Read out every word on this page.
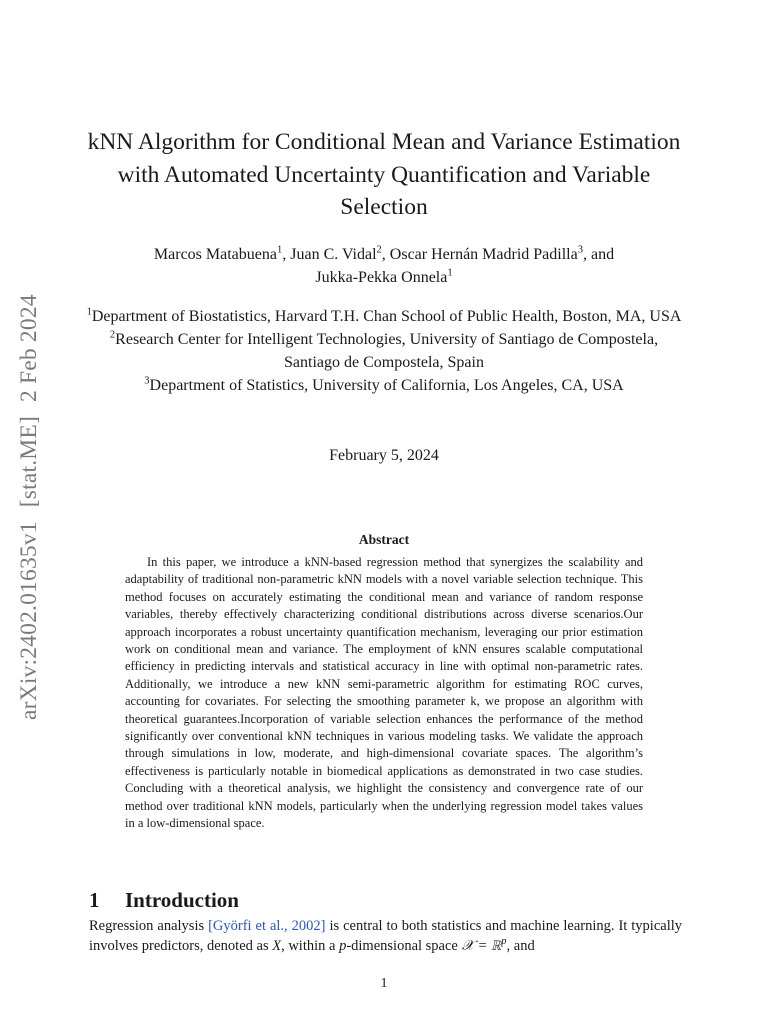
arXiv:2402.01635v1[stat.ME]2 Feb 2024
kNN Algorithm for Conditional Mean and Variance Estimation with Automated Uncertainty Quantification and Variable Selection
Marcos Matabuena$^1$, Juan C. Vidal$^2$, Oscar Hernán Madrid Padilla$^3$, and
Jukka-Pekka Onnela$^1$
$^1$Department of Biostatistics, Harvard T.H. Chan School of Public Health, Boston, MA, USA
$^2$Research Center for Intelligent Technologies, University of Santiago de Compostela, Santiago de Compostela, Spain
$^3$Department of Statistics, University of California, Los Angeles, CA, USA
February 5, 2024
Abstract
In this paper, we introduce a kNN-based regression method that synergizes the scalability and adaptability of traditional non-parametric kNN models with a novel variable selection technique. This method focuses on accurately estimating the conditional mean and variance of random response variables, thereby effectively characterizing conditional distributions across diverse scenarios.Our approach incorporates a robust uncertainty quantification mechanism, leveraging our prior estimation work on conditional mean and variance. The employment of kNN ensures scalable computational efficiency in predicting intervals and statistical accuracy in line with optimal non-parametric rates. Additionally, we introduce a new kNN semi-parametric algorithm for estimating ROC curves, accounting for covariates. For selecting the smoothing parameter k, we propose an algorithm with theoretical guarantees.Incorporation of variable selection enhances the performance of the method significantly over conventional kNN techniques in various modeling tasks. We validate the approach through simulations in low, moderate, and high-dimensional covariate spaces. The algorithm’s effectiveness is particularly notable in biomedical applications as demonstrated in two case studies. Concluding with a theoretical analysis, we highlight the consistency and convergence rate of our method over traditional kNN models, particularly when the underlying regression model takes values in a low-dimensional space.
1 Introduction
Regression analysis [Györfi et al., 2002] is central to both statistics and machine learning. It typically involves predictors, denoted as X, within a p-dimensional space 𝒳 = ℝ$^p$, and
1
